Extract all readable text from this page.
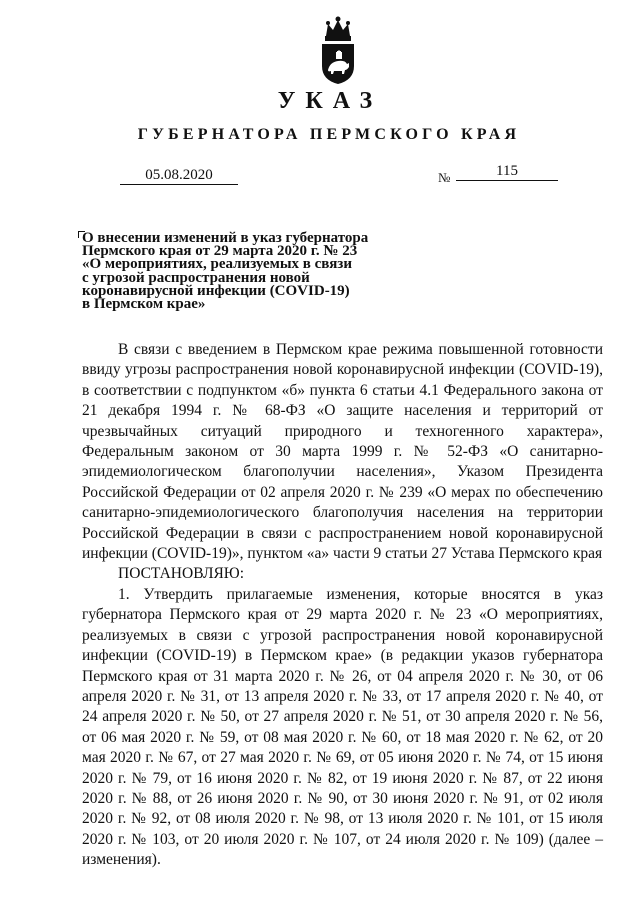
УКАЗ
ГУБЕРНАТОРА ПЕРМСКОГО КРАЯ
05.08.2020	№	115
О внесении изменений в указ губернатора
Пермского края от 29 марта 2020 г. № 23
«О мероприятиях, реализуемых в связи
с угрозой распространения новой
коронавирусной инфекции (COVID-19)
в Пермском крае»

В связи с введением в Пермском крае режима повышенной готовности ввиду угрозы распространения новой коронавирусной инфекции (COVID-19), в соответствии с подпунктом «б» пункта 6 статьи 4.1 Федерального закона от 21 декабря 1994 г. № 68-ФЗ «О защите населения и территорий от чрезвычайных ситуаций природного и техногенного характера», Федеральным законом от 30 марта 1999 г. № 52-ФЗ «О санитарно-эпидемиологическом благополучии населения», Указом Президента Российской Федерации от 02 апреля 2020 г. № 239 «О мерах по обеспечению санитарно-эпидемиологического благополучия населения на территории Российской Федерации в связи с распространением новой коронавирусной инфекции (COVID-19)», пунктом «а» части 9 статьи 27 Устава Пермского края

ПОСТАНОВЛЯЮ:

1. Утвердить прилагаемые изменения, которые вносятся в указ губернатора Пермского края от 29 марта 2020 г. № 23 «О мероприятиях, реализуемых в связи с угрозой распространения новой коронавирусной инфекции (COVID-19) в Пермском крае» (в редакции указов губернатора Пермского края от 31 марта 2020 г. № 26, от 04 апреля 2020 г. № 30, от 06 апреля 2020 г. № 31, от 13 апреля 2020 г. № 33, от 17 апреля 2020 г. № 40, от 24 апреля 2020 г. № 50, от 27 апреля 2020 г. № 51, от 30 апреля 2020 г. № 56, от 06 мая 2020 г. № 59, от 08 мая 2020 г. № 60, от 18 мая 2020 г. № 62, от 20 мая 2020 г. № 67, от 27 мая 2020 г. № 69, от 05 июня 2020 г. № 74, от 15 июня 2020 г. № 79, от 16 июня 2020 г. № 82, от 19 июня 2020 г. № 87, от 22 июня 2020 г. № 88, от 26 июня 2020 г. № 90, от 30 июня 2020 г. № 91, от 02 июля 2020 г. № 92, от 08 июля 2020 г. № 98, от 13 июля 2020 г. № 101, от 15 июля 2020 г. № 103, от 20 июля 2020 г. № 107, от 24 июля 2020 г. № 109) (далее – изменения).
